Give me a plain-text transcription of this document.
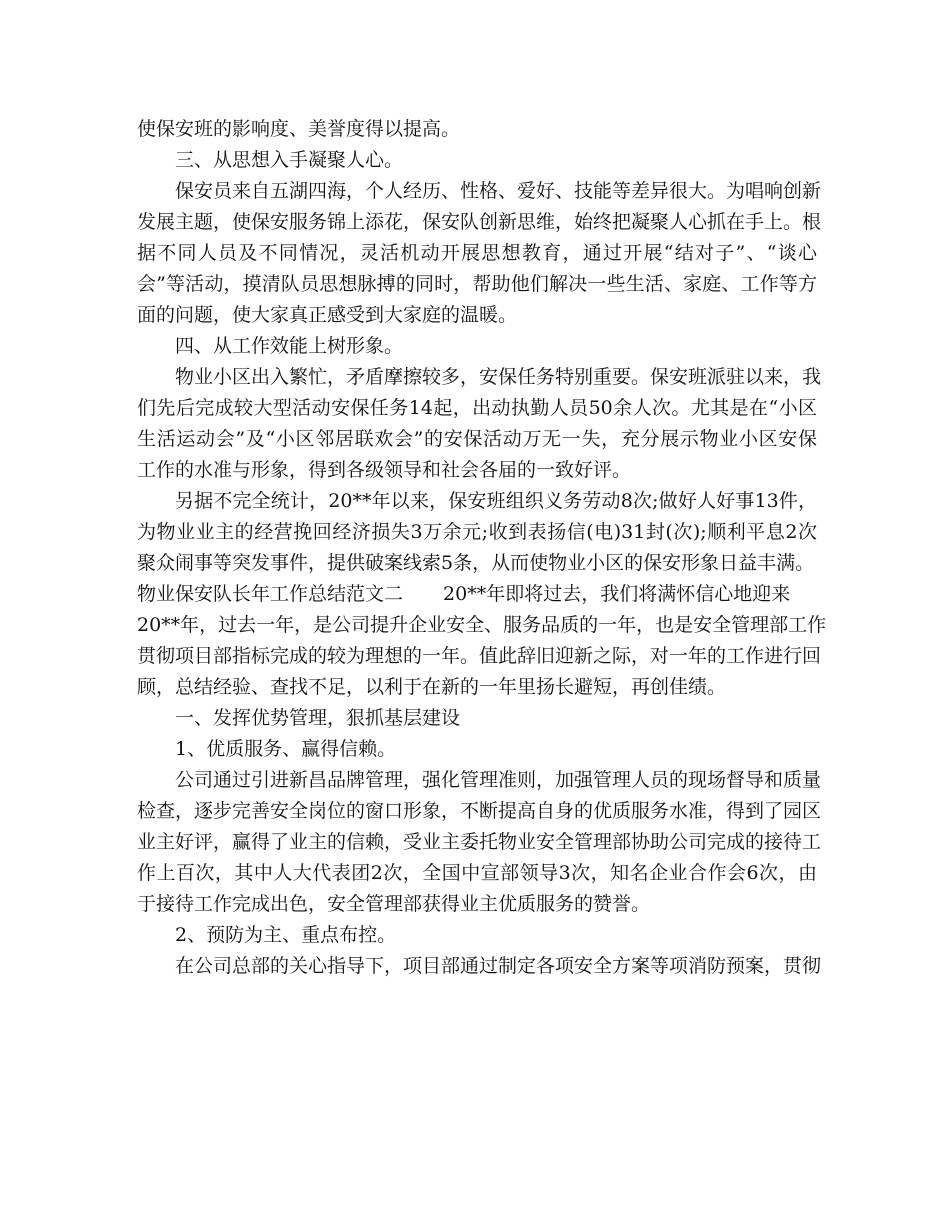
使保安班的影响度、美誉度得以提高。
三、从思想入手凝聚人心。
保安员来自五湖四海，个人经历、性格、爱好、技能等差异很大。为唱响创新
发展主题，使保安服务锦上添花，保安队创新思维，始终把凝聚人心抓在手上。根
据不同人员及不同情况，灵活机动开展思想教育，通过开展“结对子”、“谈心
会”等活动，摸清队员思想脉搏的同时，帮助他们解决一些生活、家庭、工作等方
面的问题，使大家真正感受到大家庭的温暖。
四、从工作效能上树形象。
物业小区出入繁忙，矛盾摩擦较多，安保任务特别重要。保安班派驻以来，我
们先后完成较大型活动安保任务14起，出动执勤人员50余人次。尤其是在“小区
生活运动会”及“小区邻居联欢会”的安保活动万无一失，充分展示物业小区安保
工作的水准与形象，得到各级领导和社会各届的一致好评。
另据不完全统计，20**年以来，保安班组织义务劳动8次;做好人好事13件，
为物业业主的经营挽回经济损失3万余元;收到表扬信(电)31封(次);顺利平息2次
聚众闹事等突发事件，提供破案线索5条，从而使物业小区的保安形象日益丰满。
物业保安队长年工作总结范文二 20**年即将过去，我们将满怀信心地迎来
20**年，过去一年，是公司提升企业安全、服务品质的一年，也是安全管理部工作
贯彻项目部指标完成的较为理想的一年。值此辞旧迎新之际，对一年的工作进行回
顾，总结经验、查找不足，以利于在新的一年里扬长避短，再创佳绩。
一、发挥优势管理，狠抓基层建设
1、优质服务、赢得信赖。
公司通过引进新昌品牌管理，强化管理准则，加强管理人员的现场督导和质量
检查，逐步完善安全岗位的窗口形象，不断提高自身的优质服务水准，得到了园区
业主好评，赢得了业主的信赖，受业主委托物业安全管理部协助公司完成的接待工
作上百次，其中人大代表团2次，全国中宣部领导3次，知名企业合作会6次，由
于接待工作完成出色，安全管理部获得业主优质服务的赞誉。
2、预防为主、重点布控。
在公司总部的关心指导下，项目部通过制定各项安全方案等项消防预案，贯彻
